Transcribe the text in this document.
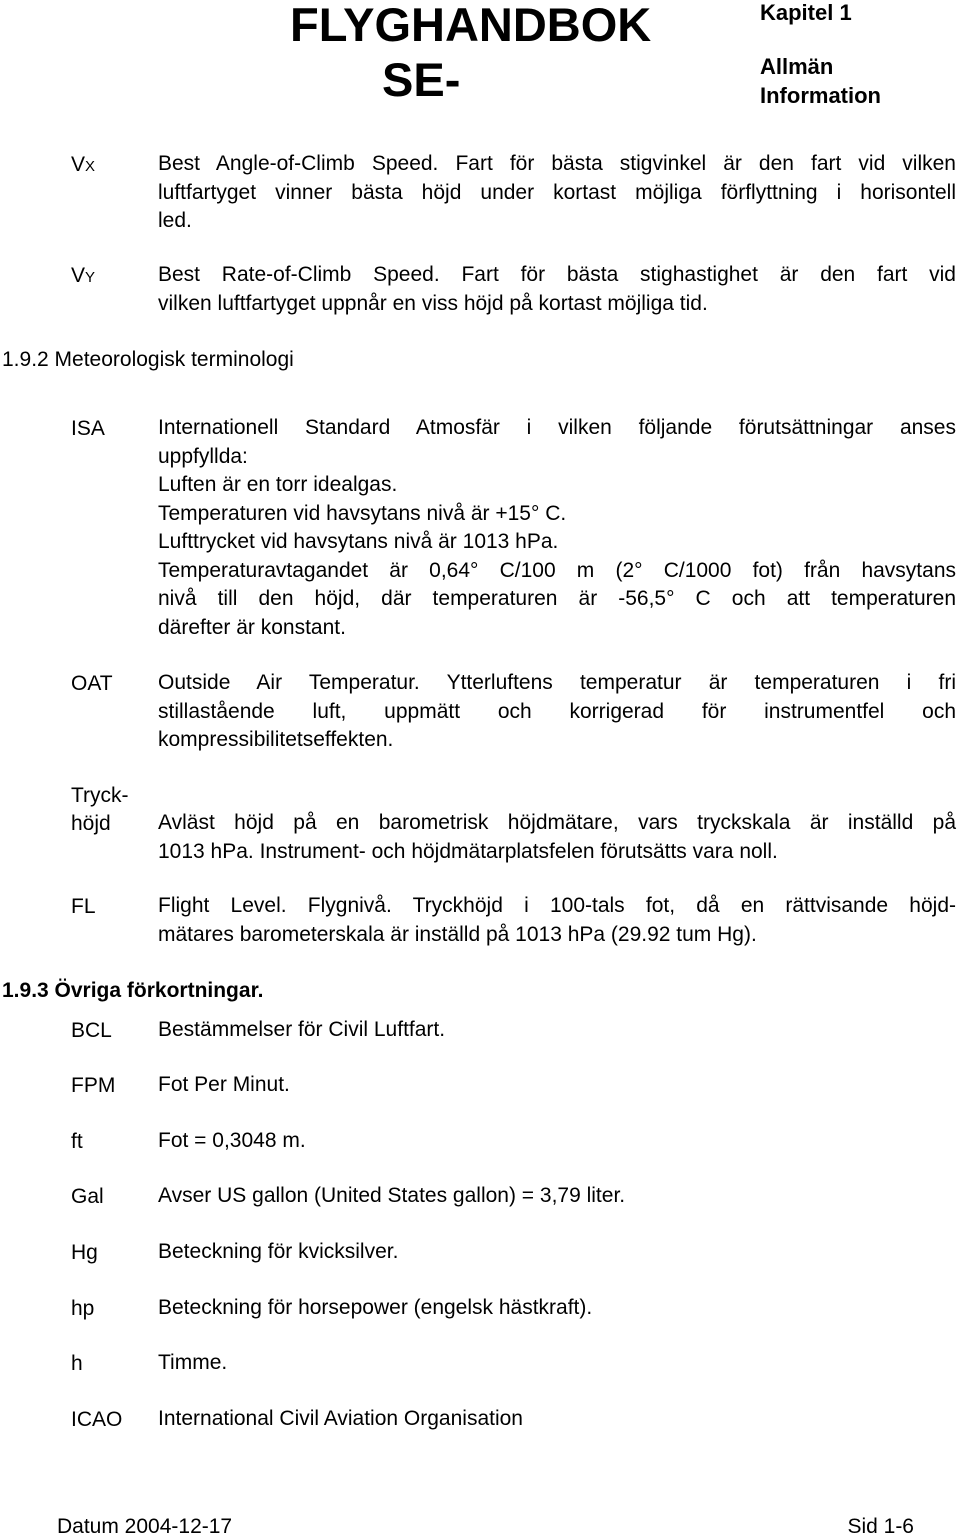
FLYGHANDBOK
SE-
Kapitel 1
Allmän
Information
VX	Best Angle-of-Climb Speed. Fart för bästa stigvinkel är den fart vid vilken
luftfartyget vinner bästa höjd under kortast möjliga förflyttning i horisontell
led.
VY	Best Rate-of-Climb Speed. Fart för bästa stighastighet är den fart vid
vilken luftfartyget uppnår en viss höjd på kortast möjliga tid.
1.9.2 Meteorologisk terminologi
ISA	Internationell Standard Atmosfär i vilken följande förutsättningar anses
uppfyllda:
Luften är en torr idealgas.
Temperaturen vid havsytans nivå är +15° C.
Lufttrycket vid havsytans nivå är 1013 hPa.
Temperaturavtagandet är 0,64° C/100 m (2° C/1000 fot) från havsytans
nivå till den höjd, där temperaturen är -56,5° C och att temperaturen
därefter är konstant.
OAT Outside Air Temperatur. Ytterluftens temperatur är temperaturen i fri
stillastående luft, uppmätt och korrigerad för instrumentfel och
kompressibilitetseffekten.
Tryck-
höjd	Avläst höjd på en barometrisk höjdmätare, vars tryckskala är inställd på
1013 hPa. Instrument- och höjdmätarplatsfelen förutsätts vara noll.
FL	Flight Level. Flygnivå. Tryckhöjd i 100-tals fot, då en rättvisande höjd-
mätares barometerskala är inställd på 1013 hPa (29.92 tum Hg).
1.9.3 Övriga förkortningar.
BCL Bestämmelser för Civil Luftfart.
FPM Fot Per Minut.
ft	Fot = 0,3048 m.
Gal	Avser US gallon (United States gallon) = 3,79 liter.
Hg	Beteckning för kvicksilver.
hp	Beteckning för horsepower (engelsk hästkraft).
h	Timme.
ICAO International Civil Aviation Organisation
Datum 2004-12-17	Sid 1-6
